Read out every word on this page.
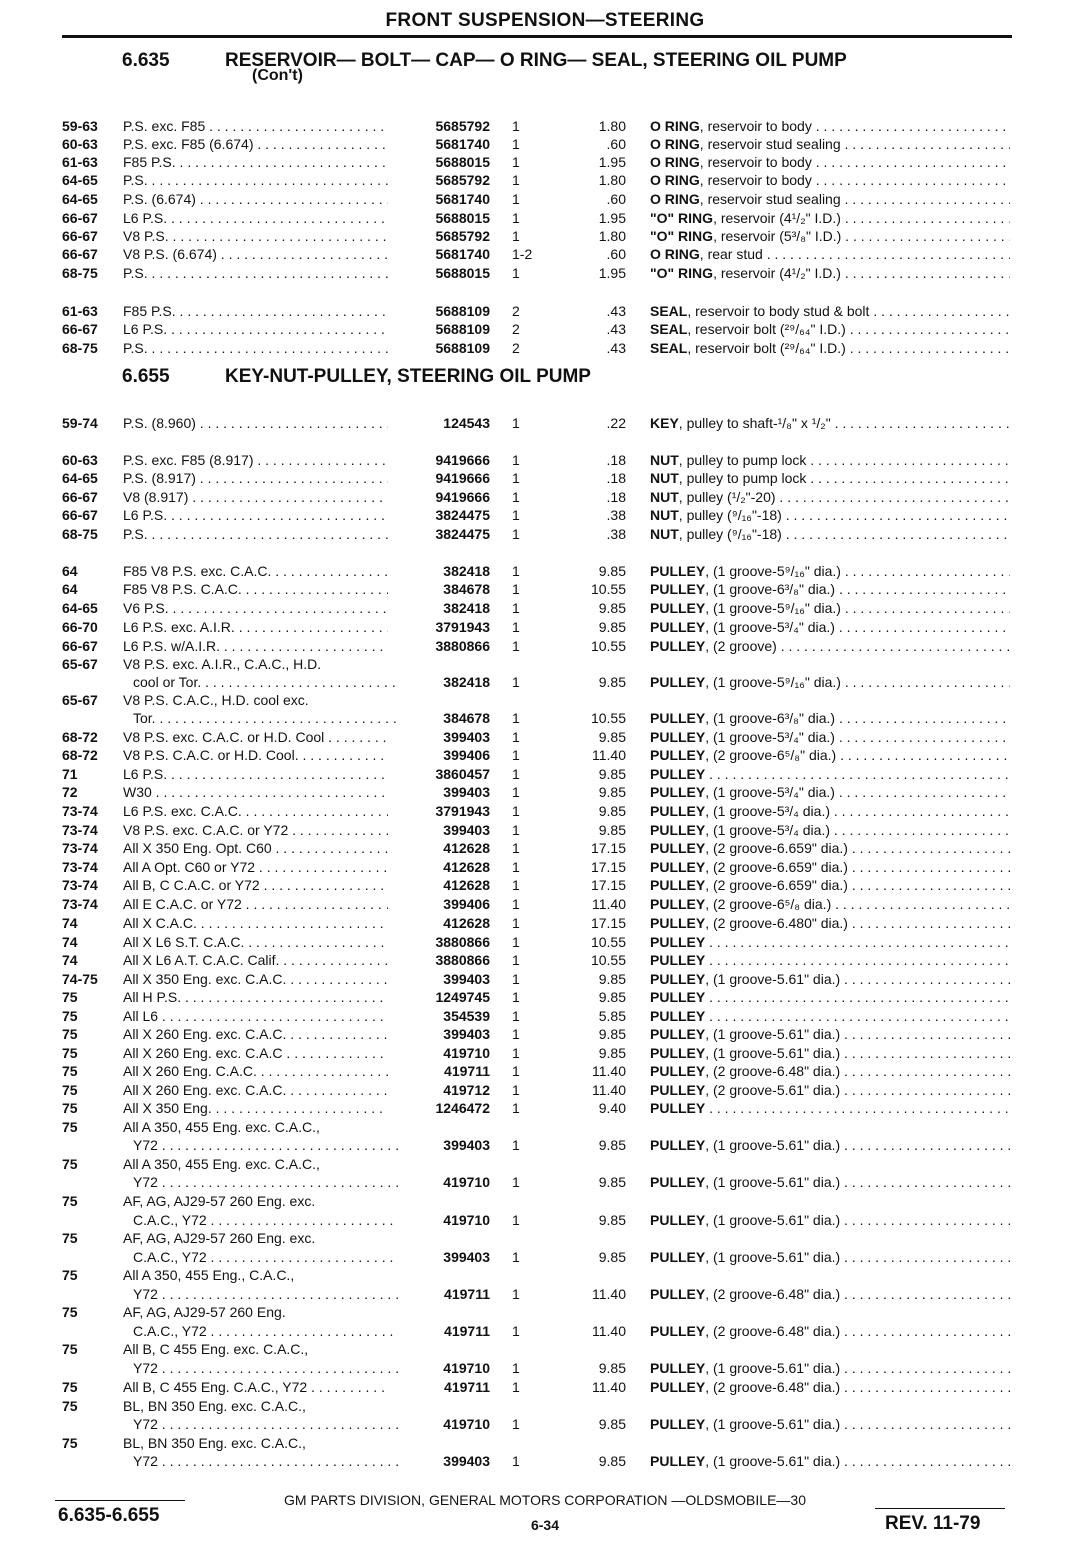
FRONT SUSPENSION—STEERING
6.635	RESERVOIR— BOLT— CAP— O RING— SEAL, STEERING OIL PUMP
(Con't)
6.655	KEY-NUT-PULLEY, STEERING OIL PUMP
59-63 P.S. exc. F85 . . .	5685792 1	1.80 O RING, reservoir to body . . .
60-63 P.S. exc. F85 (6.674) . . .	5681740 1	.60 O RING, reservoir stud sealing . . .
61-63 F85 P.S. . . .	5688015 1	1.95 O RING, reservoir to body . . .
64-65 P.S. . . .	5685792 1	1.80 O RING, reservoir to body . . .
64-65 P.S. (6.674) . . .	5681740 1	.60 O RING, reservoir stud sealing . . .
66-67 L6 P.S. . . .	5688015 1	1.95 "O" RING, reservoir (4¹/₂" I.D.) . . .
66-67 V8 P.S. . . .	5685792 1	1.80 "O" RING, reservoir (5³/₈" I.D.) . . .
66-67 V8 P.S. (6.674) . . .	5681740 1-2	.60 O RING, rear stud . . .
68-75 P.S. . . .	5688015 1	1.95 "O" RING, reservoir (4¹/₂" I.D.) . . .
61-63 F85 P.S. . . .	5688109 2	.43 SEAL, reservoir to body stud & bolt . . .
66-67 L6 P.S. . . .	5688109 2	.43 SEAL, reservoir bolt (²⁹/₆₄" I.D.) . . .
68-75 P.S. . . .	5688109 2	.43 SEAL, reservoir bolt (²⁹/₆₄" I.D.) . . .
59-74 P.S. (8.960) . . .	124543 1	.22 KEY, pulley to shaft-¹/₈" x ¹/₂" . . .
60-63 P.S. exc. F85 (8.917) . . .	9419666 1	.18 NUT, pulley to pump lock . . .
64-65 P.S. (8.917) . . .	9419666 1	.18 NUT, pulley to pump lock . . .
66-67 V8 (8.917) . . .	9419666 1	.18 NUT, pulley (¹/₂"-20) . . .
66-67 L6 P.S. . . .	3824475 1	.38 NUT, pulley (⁹/₁₆"-18) . . .
68-75 P.S. . . .	3824475 1	.38 NUT, pulley (⁹/₁₆"-18) . . .
64	F85 V8 P.S. exc. C.A.C. . . .	382418 1	9.85 PULLEY, (1 groove-5⁹/₁₆" dia.) . . .
64	F85 V8 P.S. C.A.C. . . .	384678 1	10.55 PULLEY, (1 groove-6³/₈" dia.) . . .
64-65 V6 P.S. . . .	382418 1	9.85 PULLEY, (1 groove-5⁹/₁₆" dia.) . . .
66-70 L6 P.S. exc. A.I.R. . . .	3791943 1	9.85 PULLEY, (1 groove-5³/₄" dia.) . . .
66-67 L6 P.S. w/A.I.R. . . .	3880866 1	10.55 PULLEY, (2 groove) . . .
65-67 V8 P.S. exc. A.I.R., C.A.C., H.D.
cool or Tor. . . .	382418 1	9.85 PULLEY, (1 groove-5⁹/₁₆" dia.) . . .
65-67 V8 P.S. C.A.C., H.D. cool exc.
Tor. . . .	384678 1	10.55 PULLEY, (1 groove-6³/₈" dia.) . . .
68-72 V8 P.S. exc. C.A.C. or H.D. Cool . . .	399403 1	9.85 PULLEY, (1 groove-5³/₄" dia.) . . .
68-72 V8 P.S. C.A.C. or H.D. Cool. . . .	399406 1	11.40 PULLEY, (2 groove-6⁵/₈" dia.) . . .
71	L6 P.S. . . .	3860457 1	9.85 PULLEY . . .
72	W30 . . .	399403 1	9.85 PULLEY, (1 groove-5³/₄" dia.) . . .
73-74 L6 P.S. exc. C.A.C. . . .	3791943 1	9.85 PULLEY, (1 groove-5³/₄ dia.) . . .
73-74 V8 P.S. exc. C.A.C. or Y72 . . .	399403 1	9.85 PULLEY, (1 groove-5³/₄ dia.) . . .
73-74 All X 350 Eng. Opt. C60 . . .	412628 1	17.15 PULLEY, (2 groove-6.659" dia.) . . .
73-74 All A Opt. C60 or Y72 . . .	412628 1	17.15 PULLEY, (2 groove-6.659" dia.) . . .
73-74 All B, C C.A.C. or Y72 . . .	412628 1	17.15 PULLEY, (2 groove-6.659" dia.) . . .
73-74 All E C.A.C. or Y72 . . .	399406 1	11.40 PULLEY, (2 groove-6⁵/₈ dia.) . . .
74	All X C.A.C. . . .	412628 1	17.15 PULLEY, (2 groove-6.480" dia.) . . .
74	All X L6 S.T. C.A.C. . . .	3880866 1	10.55 PULLEY . . .
74	All X L6 A.T. C.A.C. Calif. . . .	3880866 1	10.55 PULLEY . . .
74-75 All X 350 Eng. exc. C.A.C. . . .	399403 1	9.85 PULLEY, (1 groove-5.61" dia.) . . .
75	All H P.S. . . .	1249745 1	9.85 PULLEY . . .
75	All L6 . . .	354539 1	5.85 PULLEY . . .
75	All X 260 Eng. exc. C.A.C. . . .	399403 1	9.85 PULLEY, (1 groove-5.61" dia.) . . .
75	All X 260 Eng. exc. C.A.C . . .	419710 1	9.85 PULLEY, (1 groove-5.61" dia.) . . .
75	All X 260 Eng. C.A.C. . . .	419711 1	11.40 PULLEY, (2 groove-6.48" dia.) . . .
75	All X 260 Eng. exc. C.A.C. . . .	419712 1	11.40 PULLEY, (2 groove-5.61" dia.) . . .
75	All X 350 Eng. . . .	1246472 1	9.40 PULLEY . . .
75	All A 350, 455 Eng. exc. C.A.C.,
Y72 . . .	399403 1	9.85 PULLEY, (1 groove-5.61" dia.) . . .
75	All A 350, 455 Eng. exc. C.A.C.,
Y72 . . .	419710 1	9.85 PULLEY, (1 groove-5.61" dia.) . . .
75	AF, AG, AJ29-57 260 Eng. exc.
C.A.C., Y72 . . .	419710 1	9.85 PULLEY, (1 groove-5.61" dia.) . . .
75	AF, AG, AJ29-57 260 Eng. exc.
C.A.C., Y72 . . .	399403 1	9.85 PULLEY, (1 groove-5.61" dia.) . . .
75	All A 350, 455 Eng., C.A.C.,
Y72 . . .	419711 1	11.40 PULLEY, (2 groove-6.48" dia.) . . .
75	AF, AG, AJ29-57 260 Eng.
C.A.C., Y72 . . .	419711 1	11.40 PULLEY, (2 groove-6.48" dia.) . . .
75	All B, C 455 Eng. exc. C.A.C.,
Y72 . . .	419710 1	9.85 PULLEY, (1 groove-5.61" dia.) . . .
75	All B, C 455 Eng. C.A.C., Y72 . . .	419711 1	11.40 PULLEY, (2 groove-6.48" dia.) . . .
75	BL, BN 350 Eng. exc. C.A.C.,
Y72 . . .	419710 1	9.85 PULLEY, (1 groove-5.61" dia.) . . .
75	BL, BN 350 Eng. exc. C.A.C.,
Y72 . . .	399403 1	9.85 PULLEY, (1 groove-5.61" dia.) . . .
6.635-6.655
GM PARTS DIVISION, GENERAL MOTORS CORPORATION —OLDSMOBILE—30
6-34	REV. 11-79
